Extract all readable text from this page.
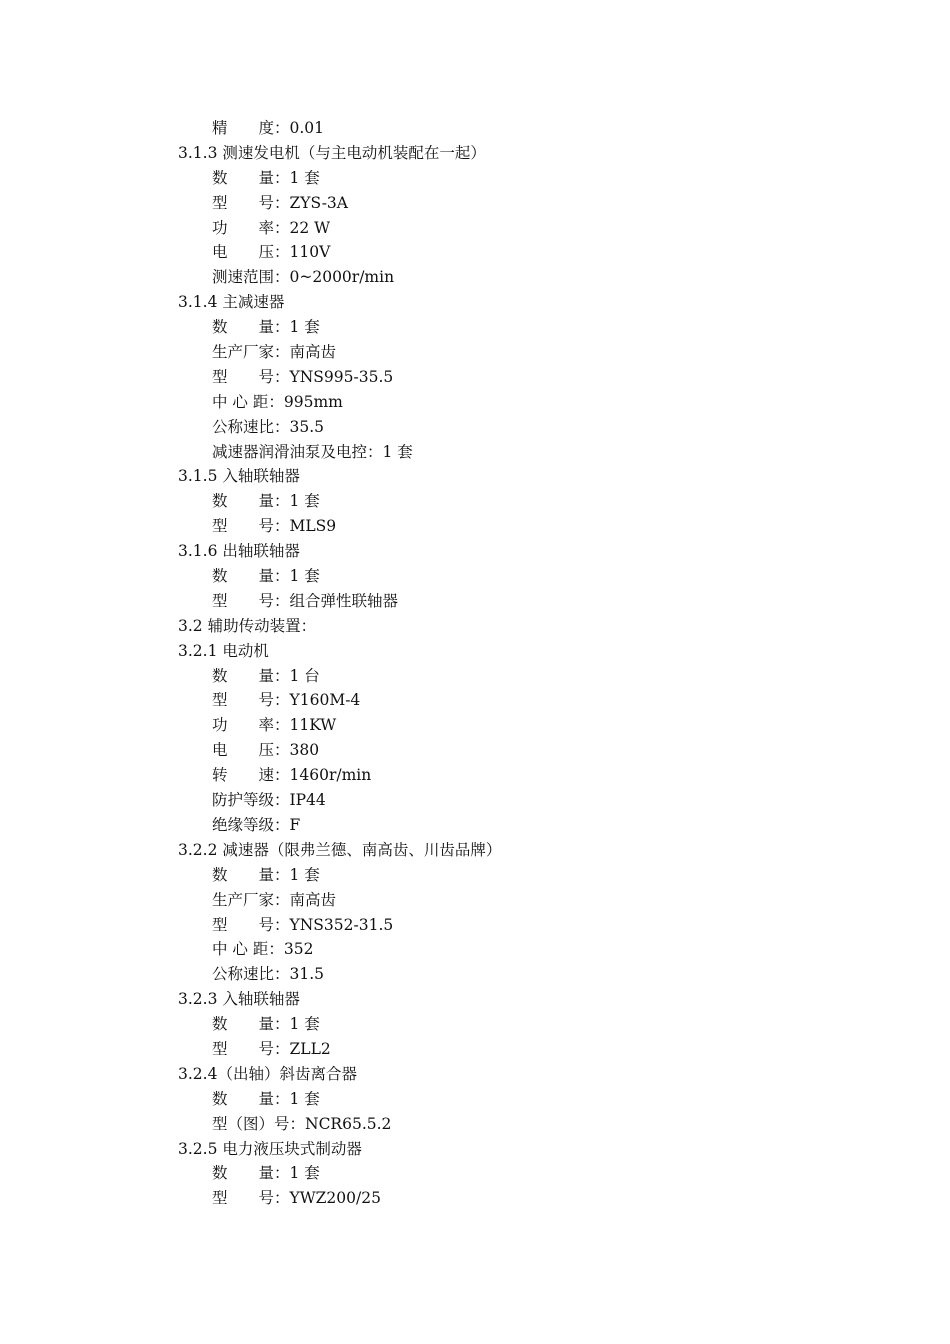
精　　度：0.01
3.1.3 测速发电机（与主电动机装配在一起）
数　　量：1 套
型　　号：ZYS-3A
功　　率：22 W
电　　压：110V
测速范围：0~2000r/min
3.1.4 主减速器
数　　量：1 套
生产厂家：南高齿
型　　号：YNS995-35.5
中 心 距：995mm
公称速比：35.5
减速器润滑油泵及电控：1 套
3.1.5 入轴联轴器
数　　量：1 套
型　　号：MLS9
3.1.6 出轴联轴器
数　　量：1 套
型　　号：组合弹性联轴器
3.2 辅助传动装置：
3.2.1 电动机
数　　量：1 台
型　　号：Y160M-4
功　　率：11KW
电　　压：380
转　　速：1460r/min
防护等级：IP44
绝缘等级：F
3.2.2 减速器（限弗兰德、南高齿、川齿品牌）
数　　量：1 套
生产厂家：南高齿
型　　号：YNS352-31.5
中 心 距：352
公称速比：31.5
3.2.3 入轴联轴器
数　　量：1 套
型　　号：ZLL2
3.2.4（出轴）斜齿离合器
数　　量：1 套
型（图）号：NCR65.5.2
3.2.5 电力液压块式制动器
数　　量：1 套
型　　号：YWZ200/25
